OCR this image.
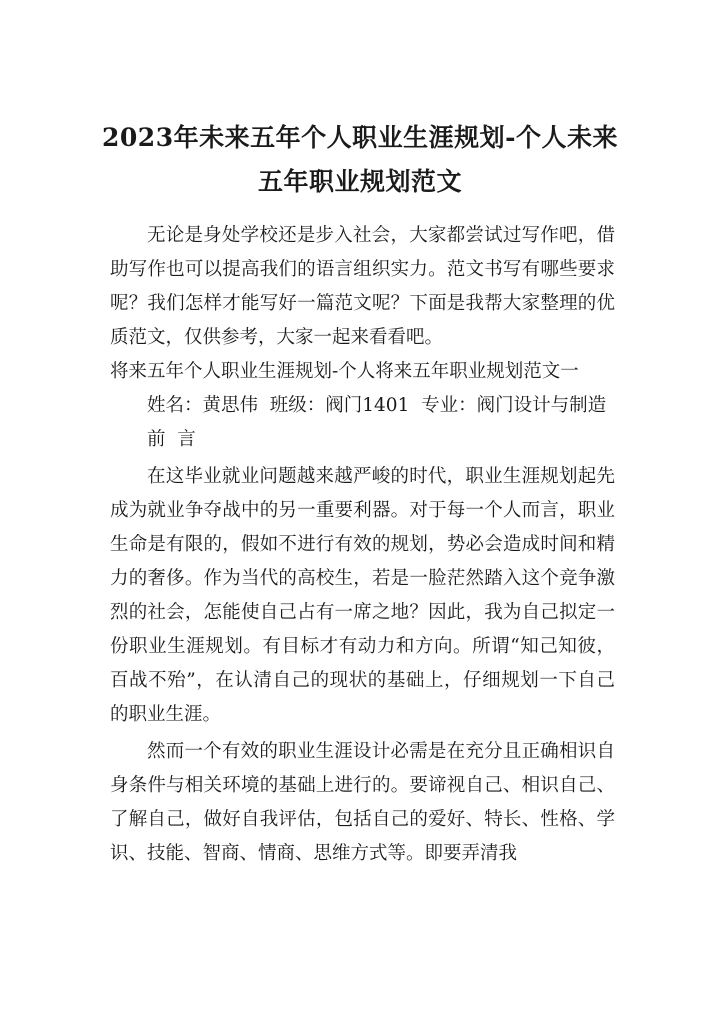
2023年未来五年个人职业生涯规划-个人未来五年职业规划范文

无论是身处学校还是步入社会，大家都尝试过写作吧，借助写作也可以提高我们的语言组织实力。范文书写有哪些要求呢？我们怎样才能写好一篇范文呢？下面是我帮大家整理的优质范文，仅供参考，大家一起来看看吧。

将来五年个人职业生涯规划-个人将来五年职业规划范文一

姓名：黄思伟  班级：阀门1401  专业：阀门设计与制造

前  言

在这毕业就业问题越来越严峻的时代，职业生涯规划起先成为就业争夺战中的另一重要利器。对于每一个人而言，职业生命是有限的，假如不进行有效的规划，势必会造成时间和精力的奢侈。作为当代的高校生，若是一脸茫然踏入这个竞争激烈的社会，怎能使自己占有一席之地？因此，我为自己拟定一份职业生涯规划。有目标才有动力和方向。所谓“知己知彼，百战不殆”，在认清自己的现状的基础上，仔细规划一下自己的职业生涯。

然而一个有效的职业生涯设计必需是在充分且正确相识自身条件与相关环境的基础上进行的。要谛视自己、相识自己、了解自己，做好自我评估，包括自己的爱好、特长、性格、学识、技能、智商、情商、思维方式等。即要弄清我
